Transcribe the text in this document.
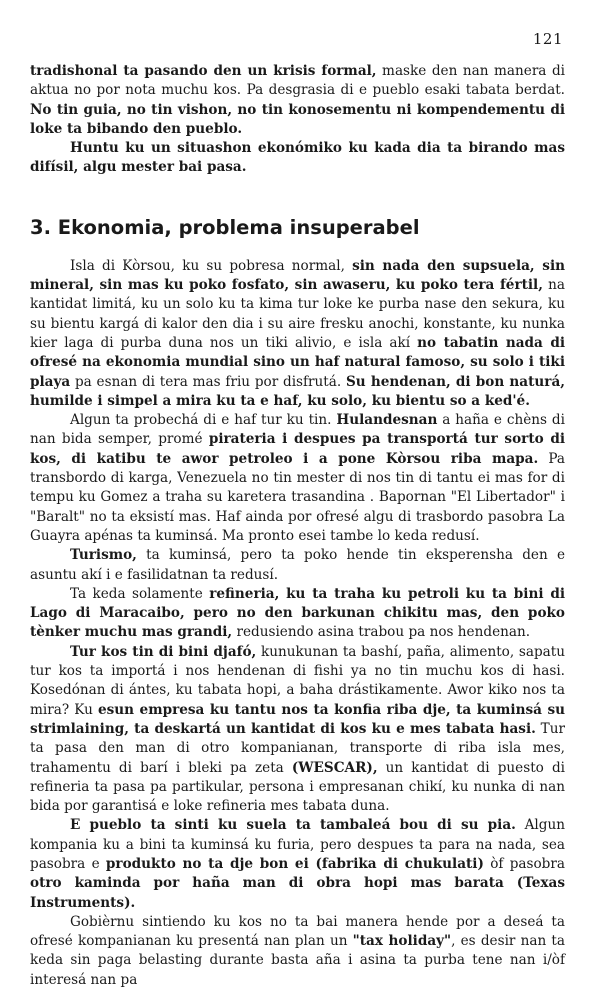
121

tradishonal ta pasando den un krisis formal, maske den nan manera di aktua no por nota muchu kos. Pa desgrasia di e pueblo esaki tabata berdat. No tin guia, no tin vishon, no tin konosementu ni kompendementu di loke ta bibando den pueblo.

Huntu ku un situashon ekonómiko ku kada dia ta birando mas difísil, algu mester bai pasa.

3. Ekonomia, problema insuperabel

Isla di Kòrsou, ku su pobresa normal, sin nada den supsuela, sin mineral, sin mas ku poko fosfato, sin awaseru, ku poko tera fértil, na kantidat limitá, ku un solo ku ta kima tur loke ke purba nase den sekura, ku su bientu kargá di kalor den dia i su aire fresku anochi, konstante, ku nunka kier laga di purba duna nos un tiki alivio, e isla akí no tabatin nada di ofresé na ekonomia mundial sino un haf natural famoso, su solo i tiki playa pa esnan di tera mas friu por disfrutá. Su hendenan, di bon naturá, humilde i simpel a mira ku ta e haf, ku solo, ku bientu so a ked'é.

Algun ta probechá di e haf tur ku tin. Hulandesnan a haña e chèns di nan bida semper, promé pirateria i despues pa transportá tur sorto di kos, di katibu te awor petroleo i a pone Kòrsou riba mapa. Pa transbordo di karga, Venezuela no tin mester di nos tin di tantu ei mas for di tempu ku Gomez a traha su karetera trasandina . Bapornan "El Libertador" i "Baralt" no ta eksistí mas. Haf ainda por ofresé algu di trasbordo pasobra La Guayra apénas ta kuminsá. Ma pronto esei tambe lo keda redusí.

Turismo, ta kuminsá, pero ta poko hende tin eksperensha den e asuntu akí i e fasilidatnan ta redusí.

Ta keda solamente refineria, ku ta traha ku petroli ku ta bini di Lago di Maracaibo, pero no den barkunan chikitu mas, den poko tènker muchu mas grandi, redusiendo asina trabou pa nos hendenan.

Tur kos tin di bini djafó, kunukunan ta bashí, paña, alimento, sapatu tur kos ta importá i nos hendenan di fishi ya no tin muchu kos di hasi. Kosedónan di ántes, ku tabata hopi, a baha drástikamente. Awor kiko nos ta mira? Ku esun empresa ku tantu nos ta konfia riba dje, ta kuminsá su strimlaining, ta deskartá un kantidat di kos ku e mes tabata hasi. Tur ta pasa den man di otro kompanianan, transporte di riba isla mes, trahamentu di barí i bleki pa zeta (WESCAR), un kantidat di puesto di refineria ta pasa pa partikular, persona i empresanan chikí, ku nunka di nan bida por garantisá e loke refineria mes tabata duna.

E pueblo ta sinti ku suela ta tambaleá bou di su pia. Algun kompania ku a bini ta kuminsá ku furia, pero despues ta para na nada, sea pasobra e produkto no ta dje bon ei (fabrika di chukulati) òf pasobra otro kaminda por haña man di obra hopi mas barata (Texas Instruments).

Gobièrnu sintiendo ku kos no ta bai manera hende por a deseá ta ofresé kompanianan ku presentá nan plan un "tax holiday", es desir nan ta keda sin paga belasting durante basta aña i asina ta purba tene nan i/òf interesá nan pa
